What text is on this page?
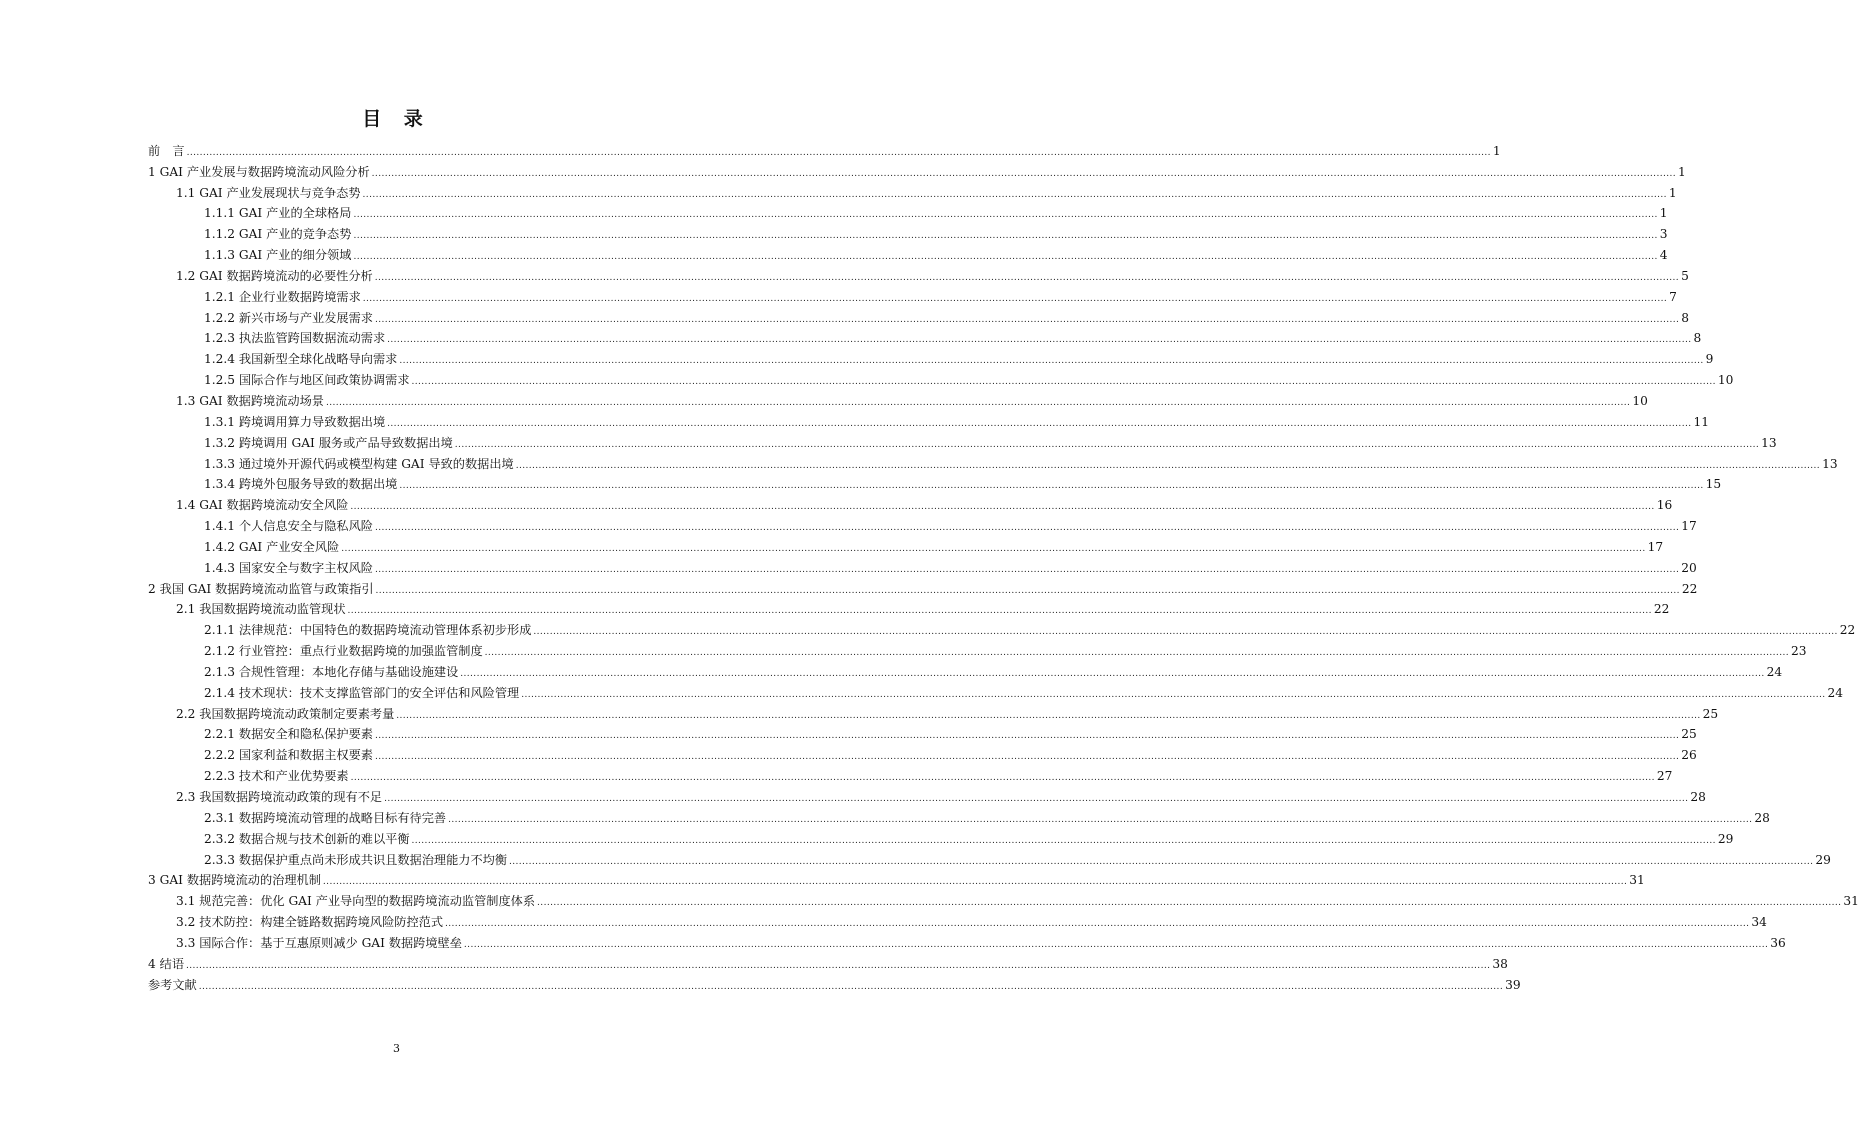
目 录
前　言 ................................................................................................................................................................................................................................................................................................................................................................................................................ 1
1 GAI 产业发展与数据跨境流动风险分析 ................................................................................................................................................................................................................................................................................................................................................................................................................ 1
1.1 GAI 产业发展现状与竞争态势 ................................................................................................................................................................................................................................................................................................................................................................................................................ 1
1.1.1 GAI 产业的全球格局 ................................................................................................................................................................................................................................................................................................................................................................................................................ 1
1.1.2 GAI 产业的竞争态势 ................................................................................................................................................................................................................................................................................................................................................................................................................ 3
1.1.3 GAI 产业的细分领域 ................................................................................................................................................................................................................................................................................................................................................................................................................ 4
1.2 GAI 数据跨境流动的必要性分析 ................................................................................................................................................................................................................................................................................................................................................................................................................ 5
1.2.1 企业行业数据跨境需求 ................................................................................................................................................................................................................................................................................................................................................................................................................ 7
1.2.2 新兴市场与产业发展需求 ................................................................................................................................................................................................................................................................................................................................................................................................................ 8
1.2.3 执法监管跨国数据流动需求 ................................................................................................................................................................................................................................................................................................................................................................................................................ 8
1.2.4 我国新型全球化战略导向需求 ................................................................................................................................................................................................................................................................................................................................................................................................................ 9
1.2.5 国际合作与地区间政策协调需求 ................................................................................................................................................................................................................................................................................................................................................................................................................ 10
1.3 GAI 数据跨境流动场景 ................................................................................................................................................................................................................................................................................................................................................................................................................ 10
1.3.1 跨境调用算力导致数据出境 ................................................................................................................................................................................................................................................................................................................................................................................................................ 11
1.3.2 跨境调用 GAI 服务或产品导致数据出境 ................................................................................................................................................................................................................................................................................................................................................................................................................ 13
1.3.3 通过境外开源代码或模型构建 GAI 导致的数据出境 ................................................................................................................................................................................................................................................................................................................................................................................................................ 13
1.3.4 跨境外包服务导致的数据出境 ................................................................................................................................................................................................................................................................................................................................................................................................................ 15
1.4 GAI 数据跨境流动安全风险 ................................................................................................................................................................................................................................................................................................................................................................................................................ 16
1.4.1 个人信息安全与隐私风险 ................................................................................................................................................................................................................................................................................................................................................................................................................ 17
1.4.2 GAI 产业安全风险 ................................................................................................................................................................................................................................................................................................................................................................................................................ 17
1.4.3 国家安全与数字主权风险 ................................................................................................................................................................................................................................................................................................................................................................................................................ 20
2 我国 GAI 数据跨境流动监管与政策指引 ................................................................................................................................................................................................................................................................................................................................................................................................................ 22
2.1 我国数据跨境流动监管现状 ................................................................................................................................................................................................................................................................................................................................................................................................................ 22
2.1.1 法律规范：中国特色的数据跨境流动管理体系初步形成 ................................................................................................................................................................................................................................................................................................................................................................................................................ 22
2.1.2 行业管控：重点行业数据跨境的加强监管制度 ................................................................................................................................................................................................................................................................................................................................................................................................................ 23
2.1.3 合规性管理：本地化存储与基础设施建设 ................................................................................................................................................................................................................................................................................................................................................................................................................ 24
2.1.4 技术现状：技术支撑监管部门的安全评估和风险管理 ................................................................................................................................................................................................................................................................................................................................................................................................................ 24
2.2 我国数据跨境流动政策制定要素考量 ................................................................................................................................................................................................................................................................................................................................................................................................................ 25
2.2.1 数据安全和隐私保护要素 ................................................................................................................................................................................................................................................................................................................................................................................................................ 25
2.2.2 国家利益和数据主权要素 ................................................................................................................................................................................................................................................................................................................................................................................................................ 26
2.2.3 技术和产业优势要素 ................................................................................................................................................................................................................................................................................................................................................................................................................ 27
2.3 我国数据跨境流动政策的现有不足 ................................................................................................................................................................................................................................................................................................................................................................................................................ 28
2.3.1 数据跨境流动管理的战略目标有待完善 ................................................................................................................................................................................................................................................................................................................................................................................................................ 28
2.3.2 数据合规与技术创新的难以平衡 ................................................................................................................................................................................................................................................................................................................................................................................................................ 29
2.3.3 数据保护重点尚未形成共识且数据治理能力不均衡 ................................................................................................................................................................................................................................................................................................................................................................................................................ 29
3 GAI 数据跨境流动的治理机制 ................................................................................................................................................................................................................................................................................................................................................................................................................ 31
3.1 规范完善：优化 GAI 产业导向型的数据跨境流动监管制度体系 ................................................................................................................................................................................................................................................................................................................................................................................................................ 31
3.2 技术防控：构建全链路数据跨境风险防控范式 ................................................................................................................................................................................................................................................................................................................................................................................................................ 34
3.3 国际合作：基于互惠原则减少 GAI 数据跨境壁垒 ................................................................................................................................................................................................................................................................................................................................................................................................................ 36
4 结语 ................................................................................................................................................................................................................................................................................................................................................................................................................ 38
参考文献 ................................................................................................................................................................................................................................................................................................................................................................................................................ 39
3
